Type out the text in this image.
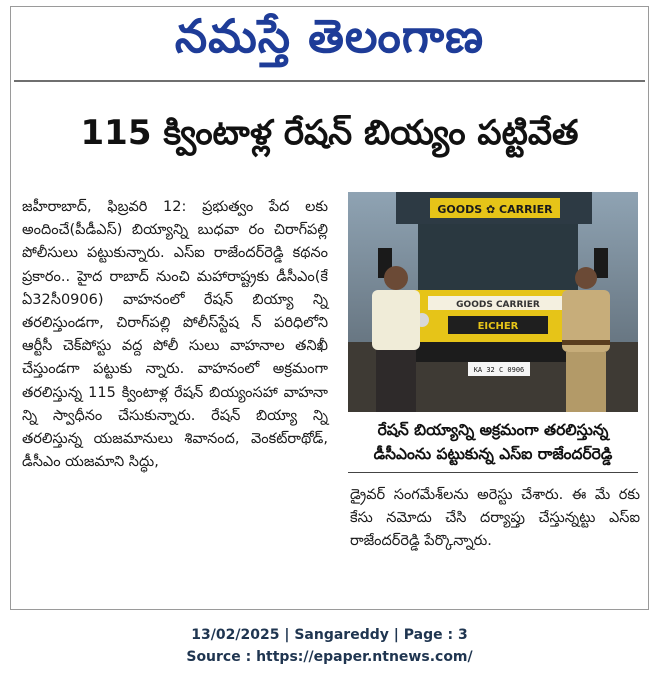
నమస్తే తెలంగాణ
115 క్వింటాళ్ల రేషన్ బియ్యం పట్టివేత
జహీరాబాద్, ఫిబ్రవరి 12: ప్రభుత్వం పేద లకు అందించే(పీడీఎస్) బియ్యాన్ని బుధవా రం చిరాగ్‌పల్లి పోలీసులు పట్టుకున్నారు. ఎస్ఐ రాజేందర్‌రెడ్డి కథనం ప్రకారం.. హైద రాబాద్ నుంచి మహారాష్ట్రకు డీసీఎం(కే ఏ32సీ0906) వాహనంలో రేషన్ బియ్యా న్ని తరలిస్తుండగా, చిరాగ్‌పల్లి పోలీస్‌స్టేష న్ పరిధిలోని ఆర్టీసీ చెక్‌పోస్టు వద్ద పోలీ సులు వాహనాల తనిఖీ చేస్తుండగా పట్టుకు న్నారు. వాహనంలో అక్రమంగా తరలిస్తున్న 115 క్వింటాళ్ల రేషన్ బియ్యంసహా వాహనా న్ని స్వాధీనం చేసుకున్నారు. రేషన్ బియ్యా న్ని తరలిస్తున్న యజమానులు శివానంద, వెంకట్‌రాథోడ్, డీసీఎం యజమాని సిద్ధు,
GOODS ✿ CARRIER
GOODS CARRIER
EICHER
KA 32 C 0906
రేషన్ బియ్యాన్ని అక్రమంగా తరలిస్తున్న డీసీఎంను పట్టుకున్న ఎస్ఐ రాజేందర్‌రెడ్డి
డ్రైవర్ సంగమేశ్‌లను అరెస్టు చేశారు. ఈ మే రకు కేసు నమోదు చేసి దర్యాప్తు చేస్తున్నట్టు ఎస్ఐ రాజేందర్‌రెడ్డి పేర్కొన్నారు.
13/02/2025 | Sangareddy | Page : 3
Source : https://epaper.ntnews.com/
